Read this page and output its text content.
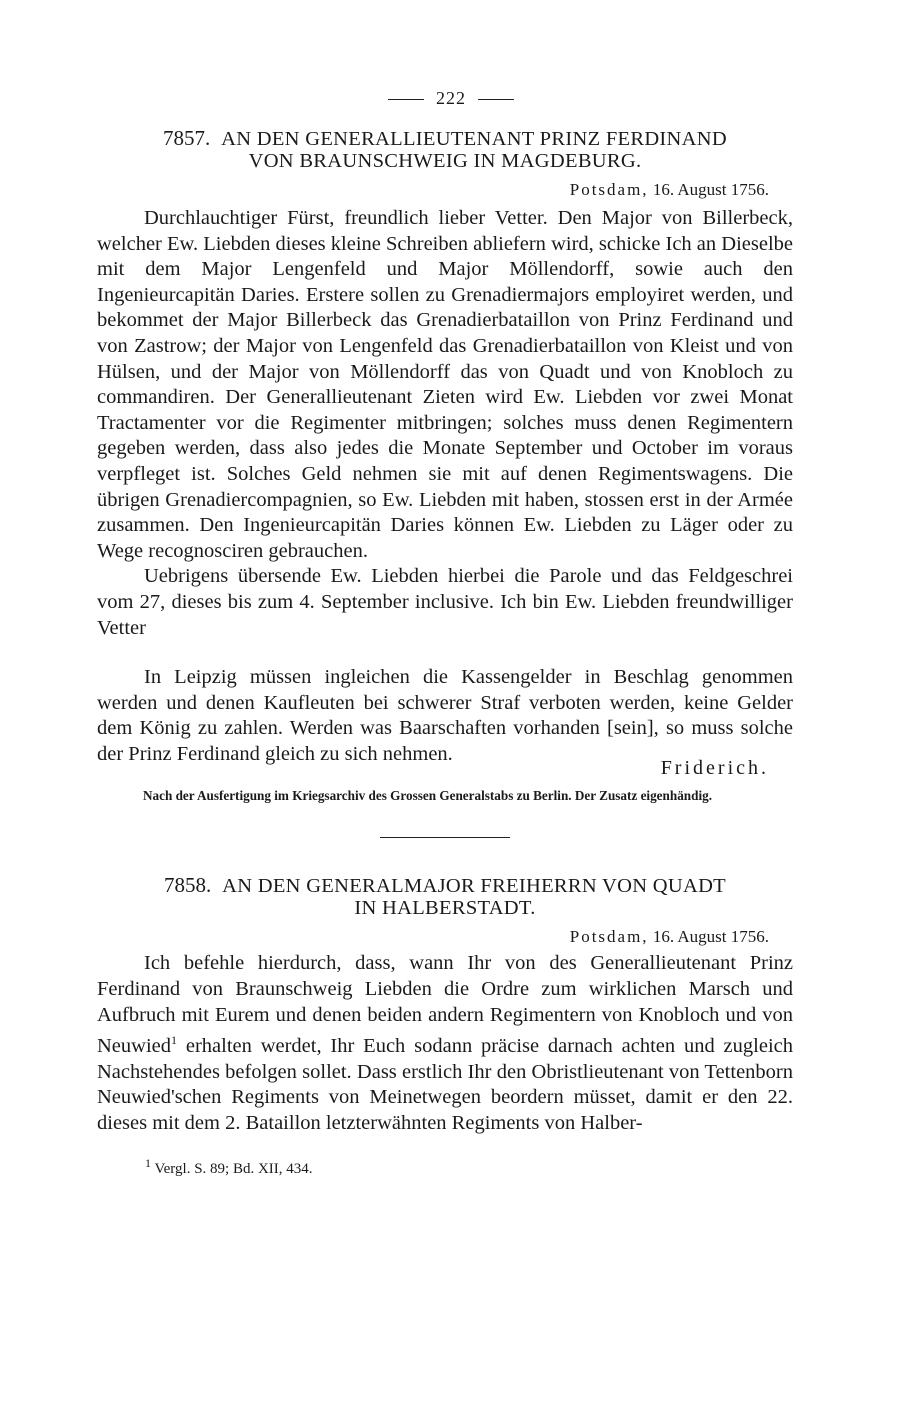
222
7857. AN DEN GENERALLIEUTENANT PRINZ FERDINAND
VON BRAUNSCHWEIG IN MAGDEBURG.
Potsdam, 16. August 1756.

Durchlauchtiger Fürst, freundlich lieber Vetter. Den Major von Billerbeck, welcher Ew. Liebden dieses kleine Schreiben abliefern wird, schicke Ich an Dieselbe mit dem Major Lengenfeld und Major Möllendorff, sowie auch den Ingenieurcapitän Daries. Erstere sollen zu Grenadiermajors employiret werden, und bekommet der Major Billerbeck das Grenadierbataillon von Prinz Ferdinand und von Zastrow; der Major von Lengenfeld das Grenadierbataillon von Kleist und von Hülsen, und der Major von Möllendorff das von Quadt und von Knobloch zu commandiren. Der Generallieutenant Zieten wird Ew. Liebden vor zwei Monat Tractamenter vor die Regimenter mitbringen; solches muss denen Regimentern gegeben werden, dass also jedes die Monate September und October im voraus verpfleget ist. Solches Geld nehmen sie mit auf denen Regimentswagens. Die übrigen Grenadiercompagnien, so Ew. Liebden mit haben, stossen erst in der Armée zusammen. Den Ingenieurcapitän Daries können Ew. Liebden zu Läger oder zu Wege recognosciren gebrauchen.

Uebrigens übersende Ew. Liebden hierbei die Parole und das Feldgeschrei vom 27, dieses bis zum 4. September inclusive. Ich bin Ew. Liebden freundwilliger Vetter

In Leipzig müssen ingleichen die Kassengelder in Beschlag genommen werden und denen Kaufleuten bei schwerer Straf verboten werden, keine Gelder dem König zu zahlen. Werden was Baarschaften vorhanden [sein], so muss solche der Prinz Ferdinand gleich zu sich nehmen.

Friderich.
Nach der Ausfertigung im Kriegsarchiv des Grossen Generalstabs zu Berlin. Der Zusatz eigenhändig.
7858. AN DEN GENERALMAJOR FREIHERRN VON QUADT
IN HALBERSTADT.
Potsdam, 16. August 1756.

Ich befehle hierdurch, dass, wann Ihr von des Generallieutenant Prinz Ferdinand von Braunschweig Liebden die Ordre zum wirklichen Marsch und Aufbruch mit Eurem und denen beiden andern Regimentern von Knobloch und von Neuwied$^1$ erhalten werdet, Ihr Euch sodann präcise darnach achten und zugleich Nachstehendes befolgen sollet. Dass erstlich Ihr den Obristlieutenant von Tettenborn Neuwied'schen Regiments von Meinetwegen beordern müsset, damit er den 22. dieses mit dem 2. Bataillon letzterwähnten Regiments von Halber-

$^1$ Vergl. S. 89; Bd. XII, 434.
